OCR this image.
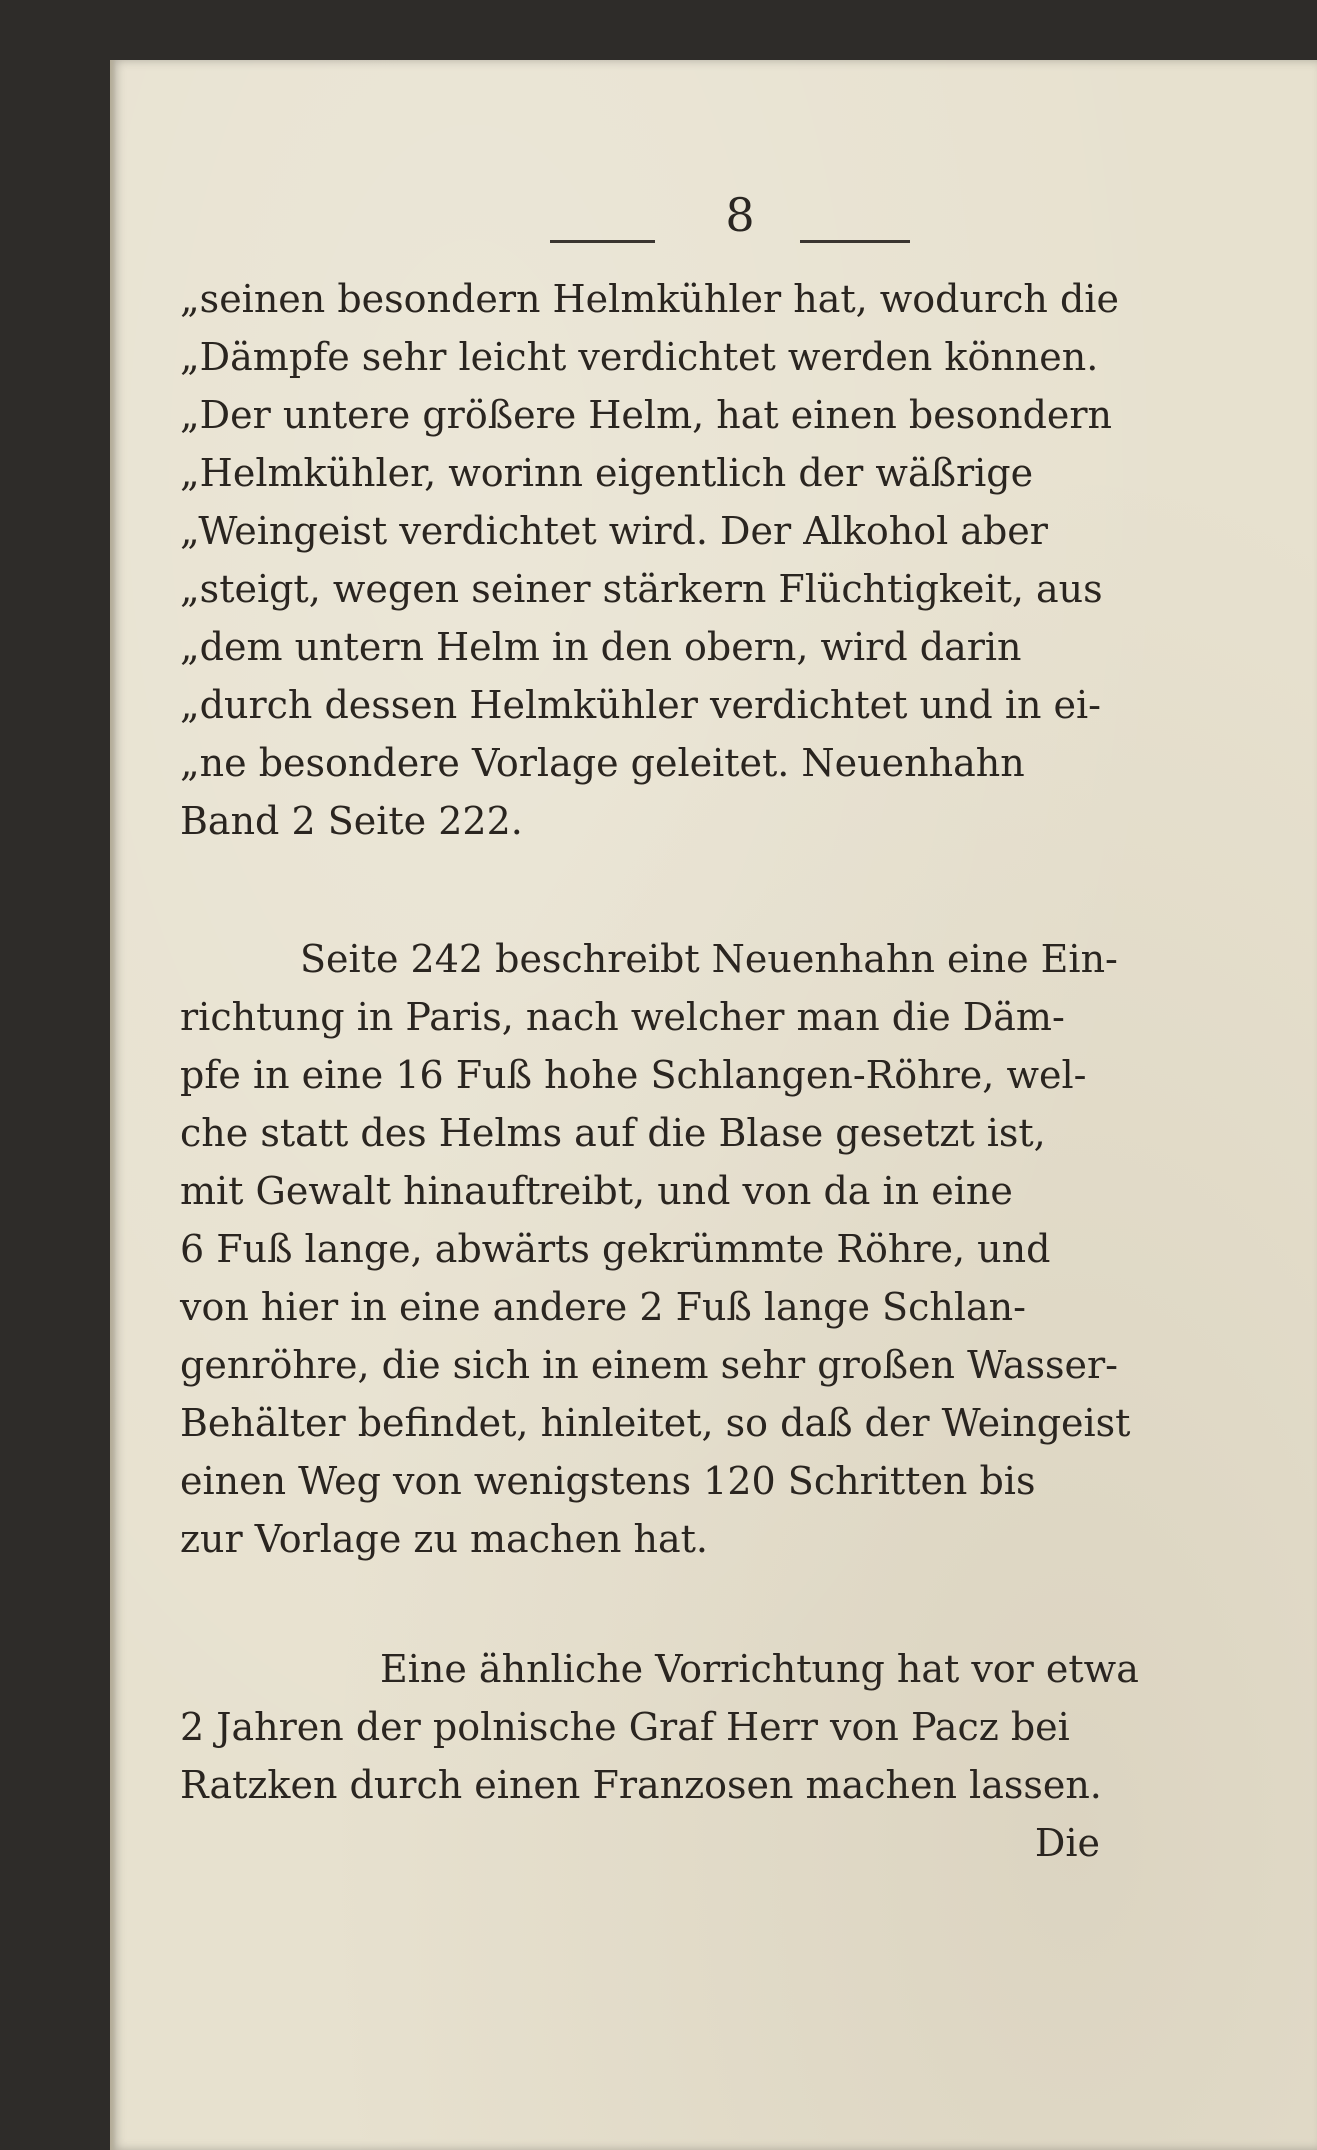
8
„seinen besondern Helmkühler hat, wodurch die
„Dämpfe sehr leicht verdichtet werden können.
„Der untere größere Helm, hat einen besondern
„Helmkühler, worinn eigentlich der wäßrige
„Weingeist verdichtet wird. Der Alkohol aber
„steigt, wegen seiner stärkern Flüchtigkeit, aus
„dem untern Helm in den obern, wird darin
„durch dessen Helmkühler verdichtet und in ei-
„ne besondere Vorlage geleitet. Neuenhahn
Band 2 Seite 222.
Seite 242 beschreibt Neuenhahn eine Ein-
richtung in Paris, nach welcher man die Däm-
pfe in eine 16 Fuß hohe Schlangen-Röhre, wel-
che statt des Helms auf die Blase gesetzt ist,
mit Gewalt hinauftreibt, und von da in eine
6 Fuß lange, abwärts gekrümmte Röhre, und
von hier in eine andere 2 Fuß lange Schlan-
genröhre, die sich in einem sehr großen Wasser-
Behälter befindet, hinleitet, so daß der Weingeist
einen Weg von wenigstens 120 Schritten bis
zur Vorlage zu machen hat.
Eine ähnliche Vorrichtung hat vor etwa
2 Jahren der polnische Graf Herr von Pacz bei
Ratzken durch einen Franzosen machen lassen.
Die
